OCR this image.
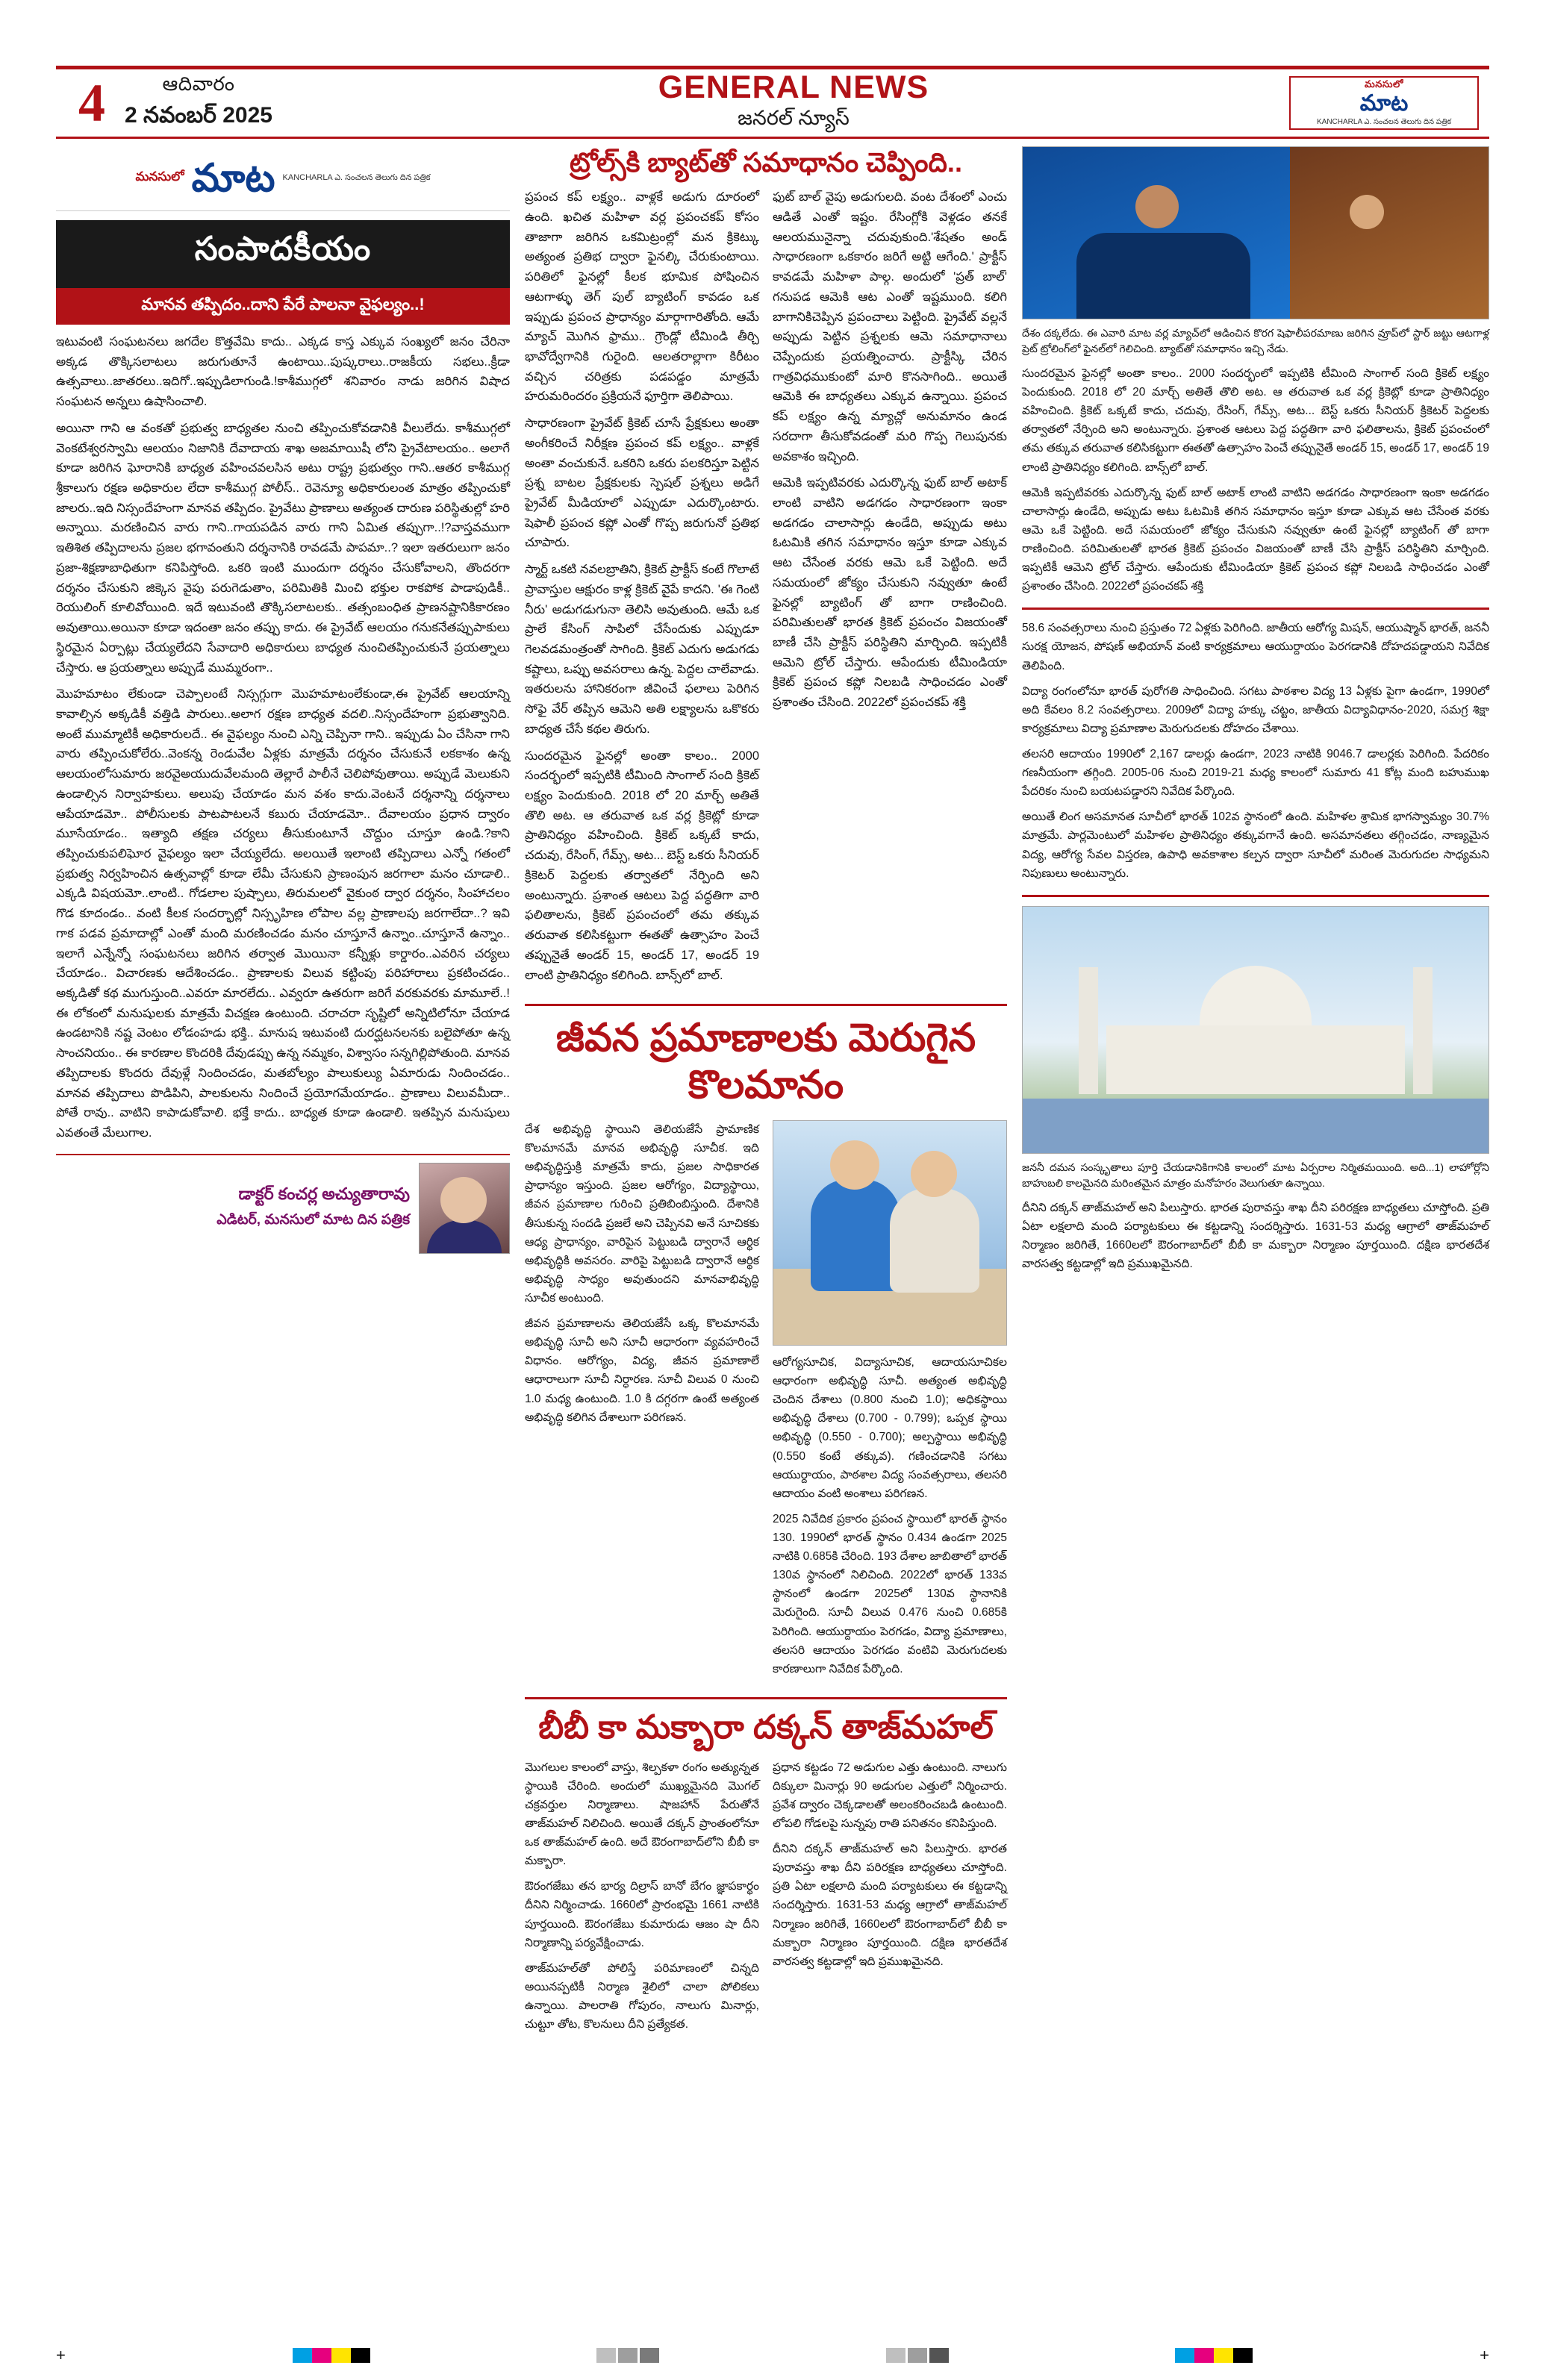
4	ఆదివారం
2 నవంబర్ 2025
GENERAL NEWS
జనరల్ న్యూస్
మనసులో
మాట
KANCHARLA ఎ. సంచలన తెలుగు దిన పత్రిక
మనసులో మాట KANCHARLA ఎ. సంచలన తెలుగు దిన పత్రిక
సంపాదకీయం
మానవ తప్పిదం..దాని పేరే పాలనా వైఫల్యం..!

ఇటువంటి సంఘటనలు జగదేల కొత్తవేమి కాదు.. ఎక్కడ కాస్త ఎక్కువ సంఖ్యలో జనం చేరినా అక్కడ తొక్కిసలాటలు జరుగుతూనే ఉంటాయి..పుష్కరాలు..రాజకీయ సభలు..క్రీడా ఉత్సవాలు..జాతరలు..ఇదిగో..ఇప్పుడిలాగుండి.!కాశీముగ్గలో శనివారం నాడు జరిగిన విషాద సంఘటన అన్నలు ఉషాసించాలి.

అయినా గాని ఆ వంకతో ప్రభుత్వ బాధ్యతల నుంచి తప్పించుకోవడానికి వీలులేదు. కాశీముగ్గలో వెంకటేశ్వరస్వామి ఆలయం నిజానికి దేవాదాయ శాఖ అజమాయిషీ లోని ప్రైవేటాలయం.. అలాగే కూడా జరిగిన ఘోరానికి బాధ్యత వహించవలసిన అటు రాష్ట్ర ప్రభుత్వం గాని..ఆతర కాశీముగ్గ శ్రీకాలుగు రక్షణ అధికారుల లేదా కాశీముగ్గ పోలీస్.. రెవెన్యూ అధికారులంత మాత్రం తప్పించుకో జాలరు..ఇది నిస్సందేహంగా మానవ తప్పిదం. ప్రైవేటు ప్రాణాలు అత్యంత దారుణ పరిస్థితుల్లో హరి అన్నాయి. మరణించిన వారు గాని..గాయపడిన వారు గాని ఏమిత తప్పుగా..!?వాస్తవముగా ఇతిశిత తప్పిదాలను ప్రజల భగావంతుని దర్శనానికి రావడమే పాపమా..? ఇలా ఇతరులుగా జనం ప్రజా-శిక్షణాబాధితుగా కనిపిస్తోంది. ఒకరి ఇంటి ముందుగా దర్శనం చేసుకోవాలని, తొందరగా దర్శనం చేసుకుని జిక్కెస వైపు పరుగెడుతాం, పరిమితికి మించి భక్తుల రాకపోక పాడాపుడికీ.. రెయులింగ్ కూలివోయింది. ఇదే ఇటువంటి తొక్కిసలాటలకు.. తత్సంబంధిత ప్రాణనష్టానికికారణం అవుతాయి.అయినా కూడా ఇదంతా జనం తప్పు కాదు. ఈ ప్రైవేట్ ఆలయం గనుకనేతప్పుపాకులు స్థిరమైన ఏర్పాట్లు చేయ్యలేదని సేవాదారి అధికారులు బాధ్యత నుంచితప్పించుకునే ప్రయత్నాలు చేస్తారు. ఆ ప్రయత్నాలు అప్పుడే ముమ్మరంగా..

మొహమాటం లేకుండా చెప్పాలంటే నిస్సగ్గుగా మొహమాటంలేకుండా,ఈ ప్రైవేట్ ఆలయాన్ని కావాల్సిన అక్కడికీ వత్తిడి పారులు..అలాగ రక్షణ బాధ్యత వదలి..నిస్సందేహంగా ప్రభుత్వానిది. అంటే ముమ్మాటికీ అధికారులదే.. ఈ వైఫల్యం నుంచి ఎన్ని చెప్పినా గాని.. ఇప్పుడు ఏం చేసినా గాని వారు తప్పించుకోలేరు..వెంకన్న రెండువేల ఏళ్లకు మాత్రమే దర్శనం చేసుకునే లకకాశం ఉన్న ఆలయంలోసుమారు జరవైఅయుదువేలమంది తెల్లారే పాలీనే చెలిపోవుతాయి. అప్పుడే మెలుకుని ఉండాల్సిన నిర్వాహకులు. అలుపు చేయాడం మన వశం కాదు.వెంటనే దర్శనాన్ని దర్శనాలు ఆపేయాడమో.. పోలీసులకు పాటపాటలనే కబురు చేయాడమో.. దేవాలయం ప్రధాన ద్వారం మూసేయాడం.. ఇత్యాది తక్షణ చర్యలు తీసుకుంటూనే చొద్దుం చూస్తూ ఉండి.?కాని తప్పించుకుపలిఘోర వైఫల్యం ఇలా చేయ్యలేదు. అలయితే ఇలాంటి తప్పిదాలు ఎన్నో గతంలో ప్రభుత్వ నిర్వహించిన ఉత్సవాల్లో కూడా లేమీ చేసుకుని ప్రాణంపున జరగాలా మనం చూడాలి.. ఎక్కడి విషయమో..లాంటి.. గోడలాల పుష్పాలు, తిరుమలలో వైకుంఠ ద్వార దర్శనం, సింహాచలం గొడ కూదండం.. వంటి కీలక సందర్భాల్లో నిస్సృహిణ లోపాల వల్ల ప్రాణాలపు జరగాలేదా..? ఇవి గాక పడవ ప్రమాదాల్లో ఎంతో మంది మరణించడం మనం చూస్తూనే ఉన్నాం..చూస్తూనే ఉన్నాం.. ఇలాగే ఎన్నేన్నో సంఘటనలు జరిగిన తర్వాత మొయినా కన్నీళ్లు కార్డారం..ఎవరిన చర్యలు చేయాడం.. విచారణకు ఆదేశించడం.. ప్రాణాలకు విలువ కట్టింపు పరిహారాలు ప్రకటించడం.. అక్కడితో కథ ముగుస్తుంది..ఎవరూ మారలేదు.. ఎవ్వరూ ఉతరుగా జరిగే వరకువరకు మామూలే..! ఈ లోకంలో మనుషులకు మాత్రమే విచక్షణ ఉంటుంది. చరాచరా సృష్టిలో అన్నిటిలోనూ చేయాడ ఉండటానికి నష్ట వెంటం లోడంహడు భక్తి.. మానుష ఇటువంటి దురద్ఘటనలనకు బలైపోతూ ఉన్న సాంచనియం.. ఈ కారణాల కొందరికి దేవుడప్పు ఉన్న నమ్మకం, విశ్వాసం సన్నగిల్లిపోతుంది. మానవ తప్పిదాలకు కొందరు దేవుళ్లే నిందించడం, మతబోల్యం పాలుకుల్యు ఏమారుడు నిందించడం.. మానవ తప్పిదాలు పొడిపిని, పాలకులను నిందించే ప్రయోగమేయాడం.. ప్రాణాలు విలువమీదా.. పోతే రావు.. వాటిని కాపాడుకోవాలి. భక్తే కాదు.. బాధ్యత కూడా ఉండాలి. ఇతప్పిన మనుషులు ఎవతంతే మేలుగాల.

డాక్టర్ కంచర్ల అచ్యుతారావు
ఎడిటర్, మనసులో మాట దిన పత్రిక
ట్రోల్స్‌కి బ్యాట్‌తో సమాధానం చెప్పింది..

ప్రపంచ కప్ లక్ష్యం.. వాళ్లకే అడుగు దూరంలో ఉంది. ఖచిత మహిళా వర్ల ప్రపంచకప్ కోసం తాజాగా జరిగిన ఒకమిట్రంల్లో మన క్రికెట్కు అత్యంత ప్రతిభ ద్వారా ఫైనల్కి చేరుకుంటాయి. పరితిలో ఫైనల్లో కీలక భూమిక పోషించిన ఆటగాళ్ళు తెగ్ పుల్ బ్యాటింగ్ కావడం ఒక ఇప్పుడు ప్రపంచ ప్రాధాన్యం మార్గాగారితోంది. ఆమే మ్యాచ్ మొగిన ఫ్రాము.. గ్రౌండ్లో టీమిండి తీర్చి భావోద్వేగానికి గురైంది. ఆలతరాల్లాగా కిరీటం వచ్చిన చరిత్రకు పడపడ్డం మాత్రమే హరుమరిందరం ప్రక్రియనే ఫూర్తిగా తెలిపాయి.

సాధారణంగా ప్రైవేట్ క్రికెట్ చూసే ప్రేక్షకులు అంతా అంగీకరించే నిరీక్షణ ప్రపంచ కప్ లక్ష్యం.. వాళ్లకే అంతా వంచుకునే. ఒకరిని ఒకరు పలకరిస్తూ పెట్టిన ప్రశ్న బాటల ప్రేక్షకులకు స్పెషల్ ప్రశ్నలు అడిగే ప్రైవేట్ మీడియాలో ఎప్పుడూ ఎదుర్కొంటారు. షెఫాలీ ప్రపంచ కప్లో ఎంతో గొప్ప జరుగునో ప్రతిభ చూపారు.

స్మార్ట్ ఒకటి నవలబ్రాతిని, క్రికెట్ ప్రాక్టీస్ కంటే గొలాటే ప్రావాస్తుల ఆక్షురం కాళ్ల క్రికెట్ వైపే కాదని. 'ఈ గెంటి నీరు' అడుగడుగునా తెలిసి అవుతుంది. ఆమే ఒక ప్రాలే కేసింగ్ సాపిలో చేసేందుకు ఎప్పుడూ గెలవడమంత్రంతో సాగింది. క్రికెట్ ఎదుగు అడుగడు కష్టాలు, ఒప్పు అవసరాలు ఉన్న. పెద్దల చాలేవాడు. ఇతరులను హానికరంగా జీవించే ఫలాలు పెరిగిన సోఫై వేర్ తప్పిన ఆమెని అతి లక్ష్యాలను ఒకొకరు బాధ్యత చేసే కథల తిరుగు.

సుందరమైన ఫైనల్లో అంతా కాలం.. 2000 సందర్భంలో ఇప్పటికి టీమింది సాంగాల్ సంది క్రికెట్ లక్ష్యం పెందుకుంది. 2018 లో 20 మార్చ్ అతితే తొలి అట. ఆ తరువాత ఒక వర్ల క్రికెట్లో కూడా ప్రాతినిధ్యం వహించింది. క్రికెట్ ఒక్కటే కాదు, చదువు, రేసింగ్, గేమ్స్, అట... బెస్ట్ ఒకరు సీనియర్ క్రికెటర్ పెద్దలకు తర్వాతలో నేర్పింది అని అంటున్నారు. ప్రశాంత ఆటలు పెద్ద పద్ధతిగా వారి ఫలితాలను, క్రికెట్ ప్రపంచంలో తమ తక్కువ తరువాత కలిసికట్టుగా ఈతతో ఉత్సాహం పెంచే తప్పునైతే అండర్ 15, అండర్ 17, అండర్ 19 లాంటి ప్రాతినిధ్యం కలిగింది. బాన్స్‌లో బాల్.

ఫుట్ బాల్ వైపు అడుగులది. వంట దేశంలో ఎంచు ఆడితే ఎంతో ఇష్టం. రేసింగ్లోకి వెళ్లడం తనకే ఆలయమునైన్నా చదువుకుంది.'శేషతం అండ్ సాధారణంగా ఒకకారం జరిగే అట్టి ఆగేంది.' ప్రాక్టీస్ కావడమే మహిళా పాల్గ. అందులో 'ప్రత్ బాల్' గనుపడ ఆమెకి ఆట ఎంతో ఇష్టముంది. కలిగి బాగానికిచెప్పిన ప్రపంచాలు పెట్టింది. ప్రైవేట్ వల్లనే అప్పుడు పెట్టిన ప్రశ్నలకు ఆమె సమాధానాలు చెప్పేందుకు ప్రయత్నించారు. ప్రాక్టీస్కి చేరిన గాత్రవిధముకుంటో మారి కొనసాగింది.. అయితే ఆమెకి ఈ బాధ్యతలు ఎక్కువ ఉన్నాయి. ప్రపంచ కప్ లక్ష్యం ఉన్న మ్యాచ్లో అనుమానం ఉండ సరదాగా తీసుకోవడంతో మరి గొప్ప గెలుపునకు అవకాశం ఇచ్చింది.

ఆమెకి ఇప్పటివరకు ఎదుర్కొన్న ఫుట్ బాల్ అటాక్ లాంటి వాటిని అడగడం సాధారణంగా ఇంకా అడగడం చాలాసార్లు ఉండేది, అప్పుడు అటు ఓటమికి తగిన సమాధానం ఇస్తూ కూడా ఎక్కువ ఆట చేసేంత వరకు ఆమె ఒకే పెట్టింది. అదే సమయంలో జోక్యం చేసుకుని నవ్వుతూ ఉంటే ఫైనల్లో బ్యాటింగ్ తో బాగా రాణించింది. పరిమితులతో భారత క్రికెట్ ప్రపంచం విజయంతో బాణీ చేసి ప్రాక్టీస్ పరిస్థితిని మార్చింది. ఇప్పటికీ ఆమెని ట్రోల్ చేస్తారు. ఆపేందుకు టీమిండియా క్రికెట్ ప్రపంచ కప్లో నిలబడి సాధించడం ఎంతో ప్రశాంతం చేసింది. 2022లో ప్రపంచకప్ శక్తి

జీవన ప్రమాణాలకు మెరుగైన కొలమానం

దేశ అభివృద్ధి స్థాయిని తెలియజేసే ప్రామాణిక కొలమానమే మానవ అభివృద్ధి సూచీక. ఇది అభివృద్ధిస్తుక్రి మాత్రమే కాదు, ప్రజల సాధికారత ప్రాధాన్యం ఇస్తుంది. ప్రజల ఆరోగ్యం, విద్యాస్థాయి, జీవన ప్రమాణాల గురించి ప్రతిబింబిస్తుంది. దేశానికి తీసుకున్న సందడి ప్రజలే అని చెప్పినవి అనే సూచికకు ఆధ్య ప్రాధాన్యం, వారిపైన పెట్టుబడి ద్వారానే ఆర్థిక అభివృద్ధికి అవసరం. వారిపై పెట్టుబడి ద్వారానే ఆర్థిక అభివృద్ధి సాధ్యం అవుతుందని మానవాభివృద్ధి సూచీక అంటుంది.

జీవన ప్రమాణాలను తెలియజేసే ఒక్క కొలమానమే అభివృద్ధి సూచీ అని సూచీ ఆధారంగా వ్యవహరించే విధానం. ఆరోగ్యం, విద్య, జీవన ప్రమాణాలే ఆధారాలుగా సూచీ నిర్ధారణ. సూచీ విలువ 0 నుంచి 1.0 మధ్య ఉంటుంది. 1.0 కి దగ్గరగా ఉంటే అత్యంత అభివృద్ధి కలిగిన దేశాలుగా పరిగణన.

ఆరోగ్యసూచిక, విద్యాసూచిక, ఆదాయసూచికల ఆధారంగా అభివృద్ధి సూచీ. అత్యంత అభివృద్ధి చెందిన దేశాలు (0.800 నుంచి 1.0); అధికస్థాయి అభివృద్ధి దేశాలు (0.700 - 0.799); ఒప్పక స్థాయి అభివృద్ధి (0.550 - 0.700); అల్పస్థాయి అభివృద్ధి (0.550 కంటే తక్కువ). గణించడానికి సగటు ఆయుర్దాయం, పాఠశాల విద్య సంవత్సరాలు, తలసరి ఆదాయం వంటి అంశాలు పరిగణన.

2025 నివేదిక ప్రకారం ప్రపంచ స్థాయిలో భారత్ స్థానం 130. 1990లో భారత్ స్థానం 0.434 ఉండగా 2025 నాటికి 0.685కి చేరింది. 193 దేశాల జాబితాలో భారత్ 130వ స్థానంలో నిలిచింది. 2022లో భారత్ 133వ స్థానంలో ఉండగా 2025లో 130వ స్థానానికి మెరుగైంది. సూచీ విలువ 0.476 నుంచి 0.685కి పెరిగింది. ఆయుర్దాయం పెరగడం, విద్యా ప్రమాణాలు, తలసరి ఆదాయం పెరగడం వంటివి మెరుగుదలకు కారణాలుగా నివేదిక పేర్కొంది.

బీబీ కా మక్బారా దక్కన్ తాజ్‌మహల్

మొగలుల కాలంలో వాస్తు, శిల్పకళా రంగం అత్యున్నత స్థాయికి చేరింది. అందులో ముఖ్యమైనది మొగల్ చక్రవర్తుల నిర్మాణాలు. షాజహాన్ పేరుతోనే తాజ్‌మహల్ నిలిచింది. అయితే దక్కన్ ప్రాంతంలోనూ ఒక తాజ్‌మహల్ ఉంది. అదే ఔరంగాబాద్‌లోని బీబీ కా మక్బారా.

ఔరంగజేబు తన భార్య దిల్రాస్ బానో బేగం జ్ఞాపకార్థం దీనిని నిర్మించాడు. 1660లో ప్రారంభమై 1661 నాటికి పూర్తయింది. ఔరంగజేబు కుమారుడు ఆజం షా దీని నిర్మాణాన్ని పర్యవేక్షించాడు.

తాజ్‌మహల్‌తో పోలిస్తే పరిమాణంలో చిన్నది అయినప్పటికీ నిర్మాణ శైలిలో చాలా పోలికలు ఉన్నాయి. పాలరాతి గోపురం, నాలుగు మినార్లు, చుట్టూ తోట, కొలనులు దీని ప్రత్యేకత.

ప్రధాన కట్టడం 72 అడుగుల ఎత్తు ఉంటుంది. నాలుగు దిక్కులా మినార్లు 90 అడుగుల ఎత్తులో నిర్మించారు. ప్రవేశ ద్వారం చెక్కడాలతో అలంకరించబడి ఉంటుంది. లోపలి గోడలపై సున్నపు రాతి పనితనం కనిపిస్తుంది.

దీనిని దక్కన్ తాజ్‌మహల్ అని పిలుస్తారు. భారత పురావస్తు శాఖ దీని పరిరక్షణ బాధ్యతలు చూస్తోంది. ప్రతి ఏటా లక్షలాది మంది పర్యాటకులు ఈ కట్టడాన్ని సందర్శిస్తారు. 1631-53 మధ్య ఆగ్రాలో తాజ్‌మహల్ నిర్మాణం జరిగితే, 1660లలో ఔరంగాబాద్‌లో బీబీ కా మక్బారా నిర్మాణం పూర్తయింది. దక్షిణ భారతదేశ వారసత్వ కట్టడాల్లో ఇది ప్రముఖమైనది.

దేశం దక్కలేదు. ఈ ఎవారి మాట వర్ల మ్యాచ్‌లో ఆడించిన కొరగ షెఫాలీపరమాణు జరిగిన వ్రూప్‌లో స్టార్ జట్టు ఆటగాళ్ల ప్రెట్ ట్రోలింగ్‌లో ఫైనల్‌లో గెలిచింది. బ్యాట్‌తో సమాధానం ఇచ్చి నేడు.

సుందరమైన ఫైనల్లో అంతా కాలం.. 2000 సందర్భంలో ఇప్పటికి టీమింది సాంగాల్ సంది క్రికెట్ లక్ష్యం పెందుకుంది. 2018 లో 20 మార్చ్ అతితే తొలి అట. ఆ తరువాత ఒక వర్ల క్రికెట్లో కూడా ప్రాతినిధ్యం వహించింది. క్రికెట్ ఒక్కటే కాదు, చదువు, రేసింగ్, గేమ్స్, అట... బెస్ట్ ఒకరు సీనియర్ క్రికెటర్ పెద్దలకు తర్వాతలో నేర్పింది అని అంటున్నారు. ప్రశాంత ఆటలు పెద్ద పద్ధతిగా వారి ఫలితాలను, క్రికెట్ ప్రపంచంలో తమ తక్కువ తరువాత కలిసికట్టుగా ఈతతో ఉత్సాహం పెంచే తప్పునైతే అండర్ 15, అండర్ 17, అండర్ 19 లాంటి ప్రాతినిధ్యం కలిగింది. బాన్స్‌లో బాల్.

ఆమెకి ఇప్పటివరకు ఎదుర్కొన్న ఫుట్ బాల్ అటాక్ లాంటి వాటిని అడగడం సాధారణంగా ఇంకా అడగడం చాలాసార్లు ఉండేది, అప్పుడు అటు ఓటమికి తగిన సమాధానం ఇస్తూ కూడా ఎక్కువ ఆట చేసేంత వరకు ఆమె ఒకే పెట్టింది. అదే సమయంలో జోక్యం చేసుకుని నవ్వుతూ ఉంటే ఫైనల్లో బ్యాటింగ్ తో బాగా రాణించింది. పరిమితులతో భారత క్రికెట్ ప్రపంచం విజయంతో బాణీ చేసి ప్రాక్టీస్ పరిస్థితిని మార్చింది. ఇప్పటికీ ఆమెని ట్రోల్ చేస్తారు. ఆపేందుకు టీమిండియా క్రికెట్ ప్రపంచ కప్లో నిలబడి సాధించడం ఎంతో ప్రశాంతం చేసింది. 2022లో ప్రపంచకప్ శక్తి

58.6 సంవత్సరాలు నుంచి ప్రస్తుతం 72 ఏళ్లకు పెరిగింది. జాతీయ ఆరోగ్య మిషన్, ఆయుష్మాన్ భారత్, జననీ సురక్ష యోజన, పోషణ్ అభియాన్ వంటి కార్యక్రమాలు ఆయుర్దాయం పెరగడానికి దోహదపడ్డాయని నివేదిక తెలిపింది.

విద్యా రంగంలోనూ భారత్ పురోగతి సాధించింది. సగటు పాఠశాల విద్య 13 ఏళ్లకు పైగా ఉండగా, 1990లో అది కేవలం 8.2 సంవత్సరాలు. 2009లో విద్యా హక్కు చట్టం, జాతీయ విద్యావిధానం-2020, సమగ్ర శిక్షా కార్యక్రమాలు విద్యా ప్రమాణాల మెరుగుదలకు దోహదం చేశాయి.

తలసరి ఆదాయం 1990లో 2,167 డాలర్లు ఉండగా, 2023 నాటికి 9046.7 డాలర్లకు పెరిగింది. పేదరికం గణనీయంగా తగ్గింది. 2005-06 నుంచి 2019-21 మధ్య కాలంలో సుమారు 41 కోట్ల మంది బహుముఖ పేదరికం నుంచి బయటపడ్డారని నివేదిక పేర్కొంది.

అయితే లింగ అసమానత సూచీలో భారత్ 102వ స్థానంలో ఉంది. మహిళల శ్రామిక భాగస్వామ్యం 30.7% మాత్రమే. పార్లమెంటులో మహిళల ప్రాతినిధ్యం తక్కువగానే ఉంది. అసమానతలు తగ్గించడం, నాణ్యమైన విద్య, ఆరోగ్య సేవల విస్తరణ, ఉపాధి అవకాశాల కల్పన ద్వారా సూచీలో మరింత మెరుగుదల సాధ్యమని నిపుణులు అంటున్నారు.

జననీ దమన సంస్కృతాలు పూర్తి చేయడానికిగానికి కాలంలో మాట ఏర్పరాల నిర్మితమయింది. అది...1) లాహోర్లోని బాహుబలి కాలమైనది మరింతమైన మాత్రం మనోహరం వెలుగుతూ ఉన్నాయి.

దీనిని దక్కన్ తాజ్‌మహల్ అని పిలుస్తారు. భారత పురావస్తు శాఖ దీని పరిరక్షణ బాధ్యతలు చూస్తోంది. ప్రతి ఏటా లక్షలాది మంది పర్యాటకులు ఈ కట్టడాన్ని సందర్శిస్తారు. 1631-53 మధ్య ఆగ్రాలో తాజ్‌మహల్ నిర్మాణం జరిగితే, 1660లలో ఔరంగాబాద్‌లో బీబీ కా మక్బారా నిర్మాణం పూర్తయింది. దక్షిణ భారతదేశ వారసత్వ కట్టడాల్లో ఇది ప్రముఖమైనది.

+	+
